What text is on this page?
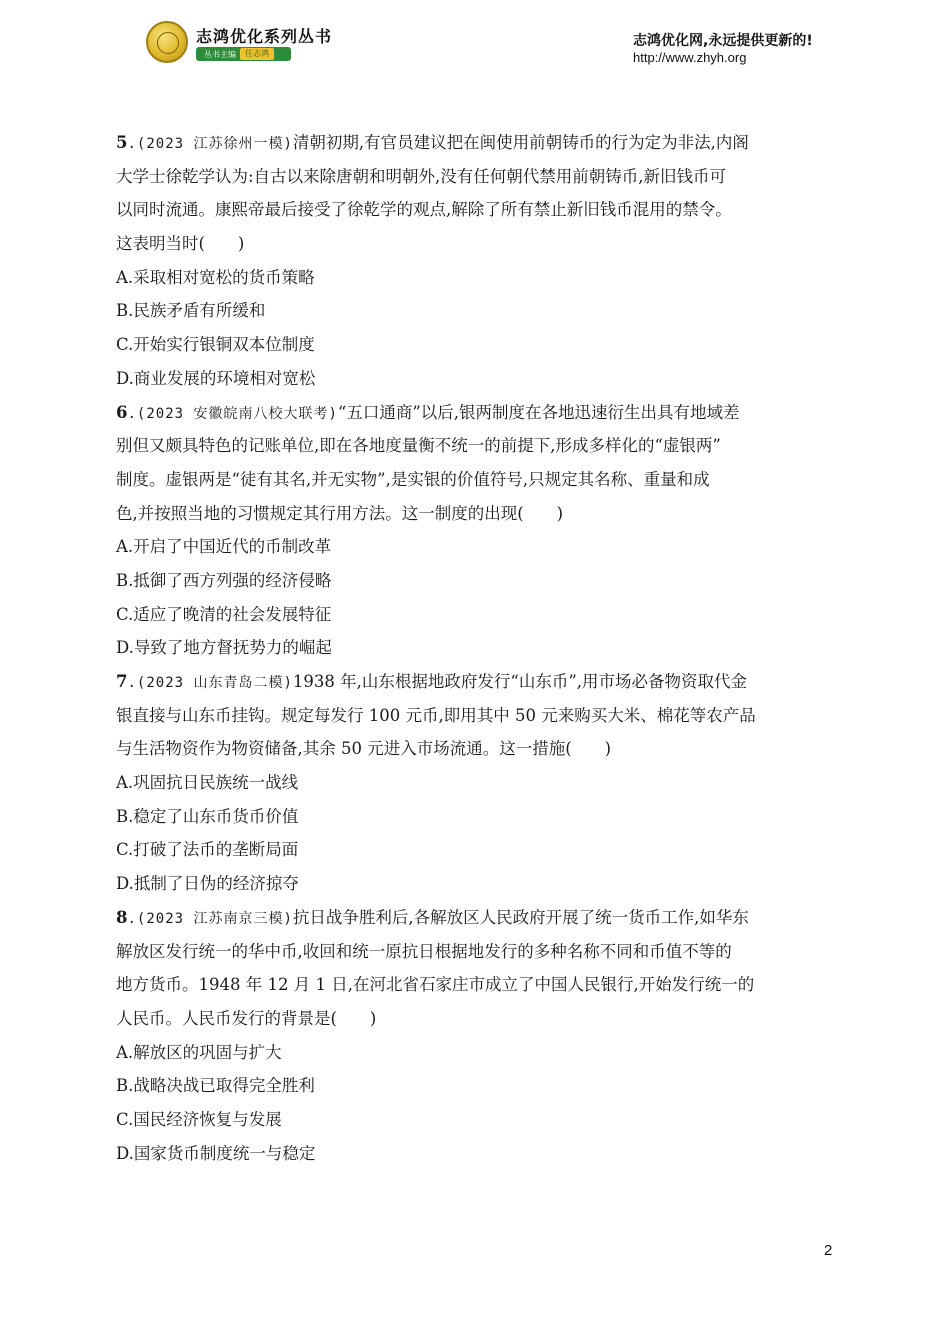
志鸿优化系列丛书
丛书主编	任志鸿
志鸿优化网,永远提供更新的!
http://www.zhyh.org
5.(2023 江苏徐州一模)清朝初期,有官员建议把在闽使用前朝铸币的行为定为非法,内阁
大学士徐乾学认为:自古以来除唐朝和明朝外,没有任何朝代禁用前朝铸币,新旧钱币可
以同时流通。康熙帝最后接受了徐乾学的观点,解除了所有禁止新旧钱币混用的禁令。
这表明当时(　　)
A.采取相对宽松的货币策略
B.民族矛盾有所缓和
C.开始实行银铜双本位制度
D.商业发展的环境相对宽松
6.(2023 安徽皖南八校大联考)“五口通商”以后,银两制度在各地迅速衍生出具有地域差
别但又颇具特色的记账单位,即在各地度量衡不统一的前提下,形成多样化的“虚银两”
制度。虚银两是“徒有其名,并无实物”,是实银的价值符号,只规定其名称、重量和成
色,并按照当地的习惯规定其行用方法。这一制度的出现(　　)
A.开启了中国近代的币制改革
B.抵御了西方列强的经济侵略
C.适应了晚清的社会发展特征
D.导致了地方督抚势力的崛起
7.(2023 山东青岛二模)1938 年,山东根据地政府发行“山东币”,用市场必备物资取代金
银直接与山东币挂钩。规定每发行 100 元币,即用其中 50 元来购买大米、棉花等农产品
与生活物资作为物资储备,其余 50 元进入市场流通。这一措施(　　)
A.巩固抗日民族统一战线
B.稳定了山东币货币价值
C.打破了法币的垄断局面
D.抵制了日伪的经济掠夺
8.(2023 江苏南京三模)抗日战争胜利后,各解放区人民政府开展了统一货币工作,如华东
解放区发行统一的华中币,收回和统一原抗日根据地发行的多种名称不同和币值不等的
地方货币。1948 年 12 月 1 日,在河北省石家庄市成立了中国人民银行,开始发行统一的
人民币。人民币发行的背景是(　　)
A.解放区的巩固与扩大
B.战略决战已取得完全胜利
C.国民经济恢复与发展
D.国家货币制度统一与稳定
2
